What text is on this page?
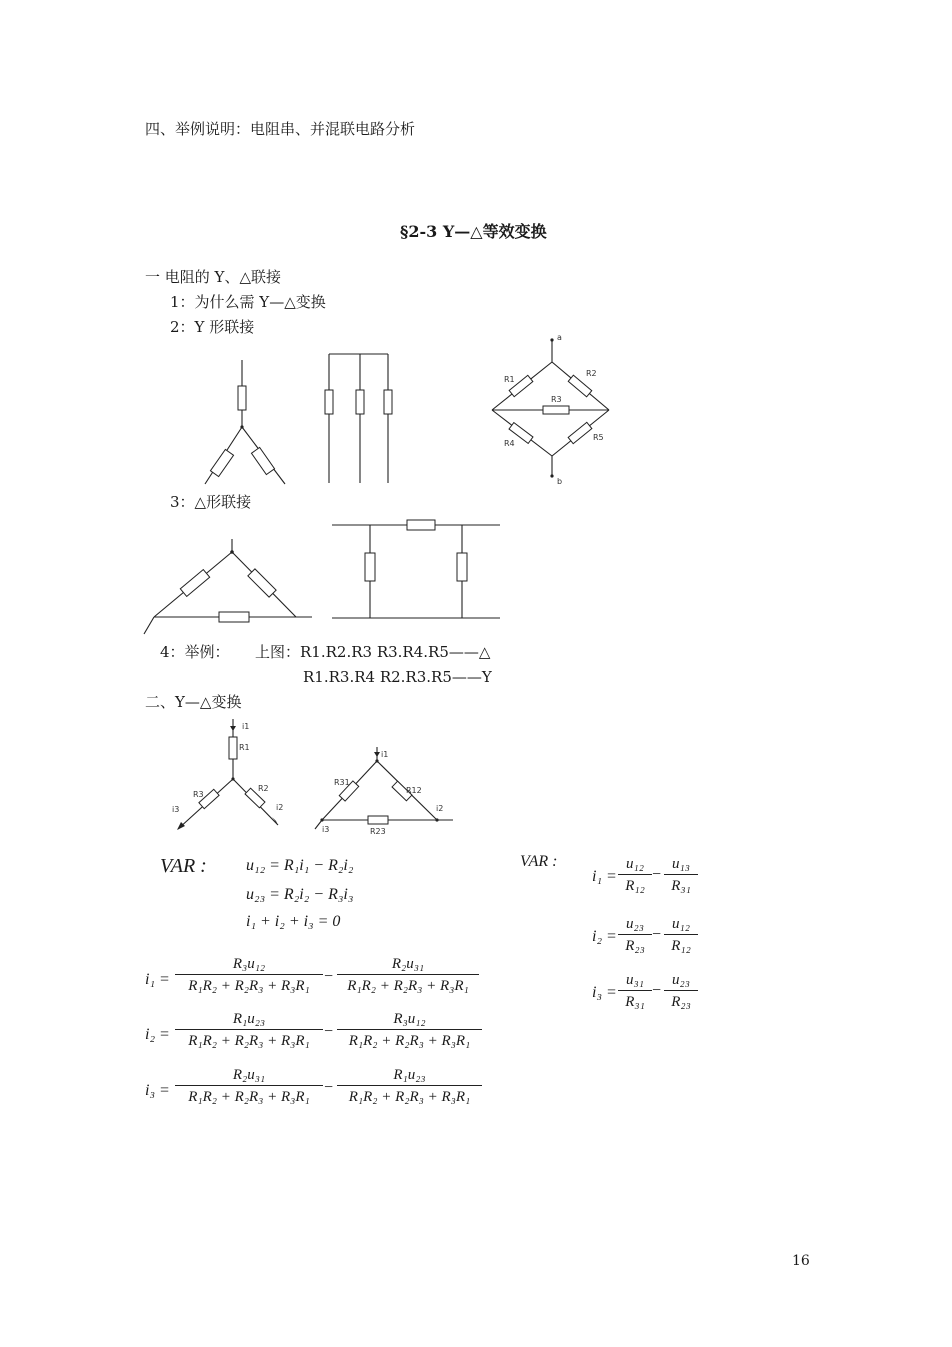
四、举例说明：电阻串、并混联电路分析
§2-3 Y—△等效变换
一 电阻的 Y、△联接
1：为什么需 Y—△变换
2：Y 形联接
a
b
R1
R2
R3
R4
R5
3：△形联接
4：举例： 上图：R1.R2.R3 R3.R4.R5——△
R1.R3.R4 R2.R3.R5——Y
二、Y—△变换
i1
R1
R3
R2
i3	i2
i1
R31
R12
i2
i3	R23
VAR : u₁₂ = R₁i₁ − R₂i₂
u₂₃ = R₂i₂ − R₃i₃
i₁ + i₂ + i₃ = 0
$i_1 = \frac{\text{R₃u₁₂}}{\text{R₁R₂ + R₂R₃ + R₃R₁}} - \frac{\text{R₂u₃₁}}{\text{R₁R₂ + R₂R₃ + R₃R₁}}$
$i_2 = \frac{\text{R₁u₂₃}}{\text{R₁R₂ + R₂R₃ + R₃R₁}} - \frac{\text{R₃u₁₂}}{\text{R₁R₂ + R₂R₃ + R₃R₁}}$
$i_3 = \frac{\text{R₂u₃₁}}{\text{R₁R₂ + R₂R₃ + R₃R₁}} - \frac{\text{R₁u₂₃}}{\text{R₁R₂ + R₂R₃ + R₃R₁}}$
VAR :
$i_1 = \frac{\text{u₁₂}}{\text{R₁₂}} - \frac{\text{u₁₃}}{\text{R₃₁}}$
$i_2 = \frac{\text{u₂₃}}{\text{R₂₃}} - \frac{\text{u₁₂}}{\text{R₁₂}}$
$i_3 = \frac{\text{u₃₁}}{\text{R₃₁}} - \frac{\text{u₂₃}}{\text{R₂₃}}$
16
